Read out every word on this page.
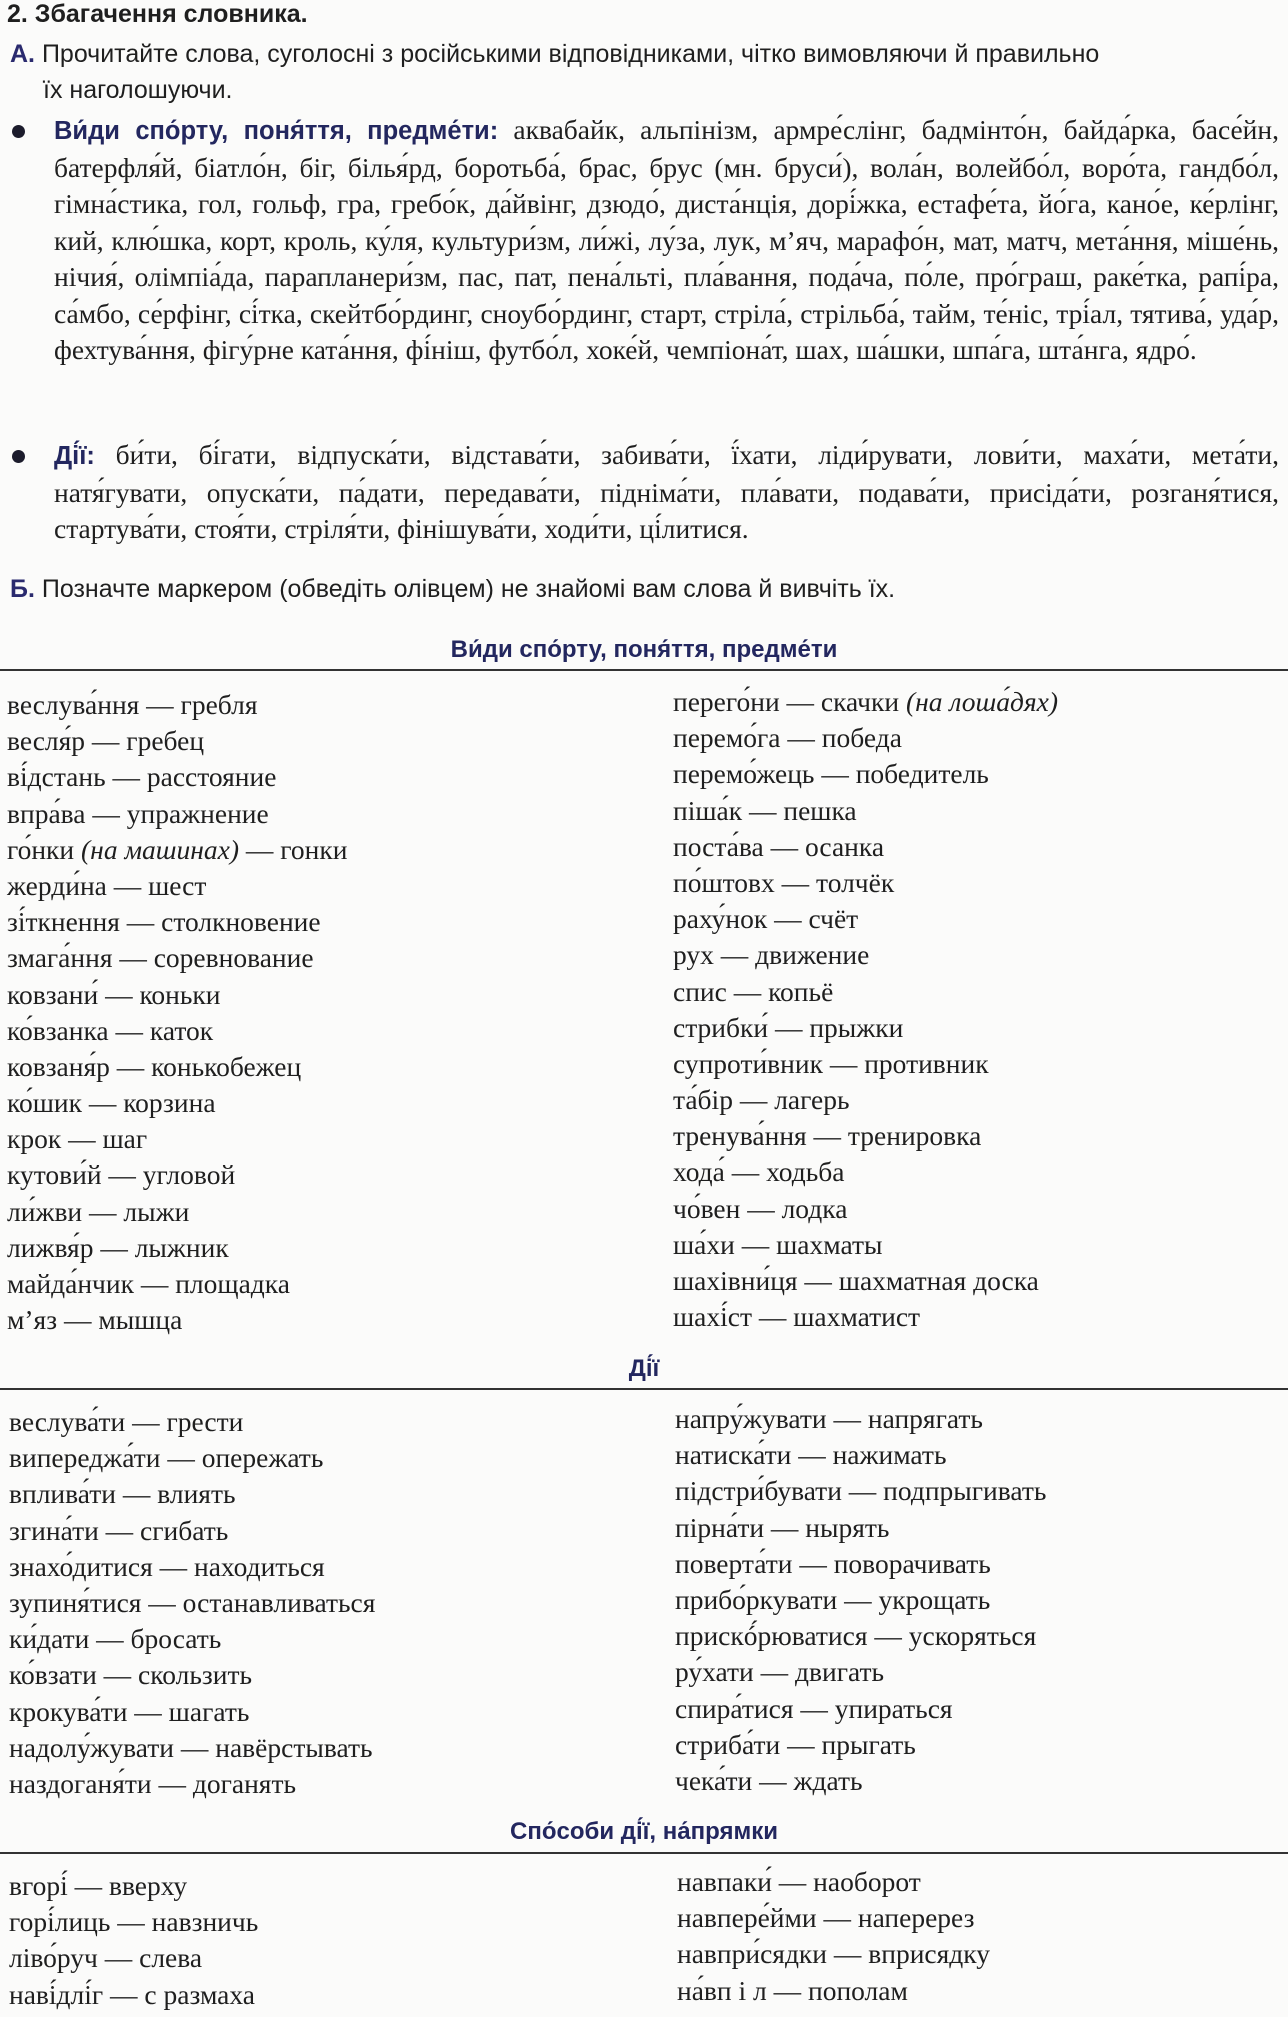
2. Збагачення словника.
А. Прочитайте слова, суголосні з російськими відповідниками, чітко вимовляючи й правильно
їх наголошуючи.
Ви́ди спо́рту, поня́ття, предме́ти: аквабайк, альпінізм, армре́слінг, бадмінто́н, байда́рка, басе́йн, батерфля́й, біатло́н, біг, білья́рд, боротьба́, брас, брус (мн. бруси́), вола́н, волейбо́л, воро́та, гандбо́л, гімна́стика, гол, гольф, гра, гребо́к, да́йвінг, дзюдо́, диста́нція, дорі́жка, естафе́та, йо́га, кано́е, ке́рлінг, кий, клю́шка, корт, кроль, ку́ля, культури́зм, ли́жі, лу́за, лук, м’яч, марафо́н, мат, матч, мета́ння, міше́нь, нічия́, олімпіа́да, парапланери́зм, пас, пат, пена́льті, пла́вання, пода́ча, по́ле, про́граш, раке́тка, рапі́ра, са́мбо, се́рфінг, сі́тка, скейтбо́рдинг, сноубо́рдинг, старт, стріла́, стрільба́, тайм, те́ніс, трі́ал, тятива́, уда́р, фехтува́ння, фігу́рне ката́ння, фі́ніш, футбо́л, хоке́й, чемпіона́т, шах, ша́шки, шпа́га, шта́нга, ядро́.
Ді́ї: би́ти, бі́гати, відпуска́ти, відстава́ти, забива́ти, ї́хати, ліди́рувати, лови́ти, маха́ти, мета́ти, натя́гувати, опуска́ти, па́дати, передава́ти, підніма́ти, пла́вати, подава́ти, присіда́ти, розганя́тися, стартува́ти, стоя́ти, стріля́ти, фінішува́ти, ходи́ти, ці́литися.
Б. Позначте маркером (обведіть олівцем) не знайомі вам слова й вивчіть їх.
Ви́ди спо́рту, поня́ття, предме́ти
веслува́ння — гребля
весля́р — гребец
ві́дстань — расстояние
впра́ва — упражнение
го́нки (на машинах) — гонки
жерди́на — шест
зі́ткнення — столкновение
змага́ння — соревнование
ковзани́ — коньки
ко́взанка — каток
ковзаня́р — конькобежец
ко́шик — корзина
крок — шаг
кутови́й — угловой
ли́жви — лыжи
лижвя́р — лыжник
майда́нчик — площадка
м’яз — мышца
перего́ни — скачки (на лоша́дях)
перемо́га — победа
перемо́жець — победитель
піша́к — пешка
поста́ва — осанка
по́штовх — толчёк
раху́нок — счёт
рух — движение
спис — копьё
стрибки́ — прыжки
супроти́вник — противник
та́бір — лагерь
тренува́ння — тренировка
хода́ — ходьба
чо́вен — лодка
ша́хи — шахматы
шахівни́ця — шахматная доска
шахі́ст — шахматист
Ді́ї
веслува́ти — грести
випереджа́ти — опережать
вплива́ти — влиять
згина́ти — сгибать
знахо́дитися — находиться
зупиня́тися — останавливаться
ки́дати — бросать
ко́взати — скользить
крокува́ти — шагать
надолу́жувати — навёрстывать
наздоганя́ти — доганять
напру́жувати — напрягать
натиска́ти — нажимать
підстри́бувати — подпрыгивать
пірна́ти — нырять
поверта́ти — поворачивать
прибо́ркувати — укрощать
прискó́рюватися — ускоряться
ру́хати — двигать
спира́тися — упираться
стриба́ти — прыгать
чека́ти — ждать
Спо́соби ді́ї, на́прямки
вгорі́ — вверху
горі́лиць — навзничь
ліво́руч — слева
наві́длі́г — с размаха
навпаки́ — наоборот
навпере́йми — наперерез
навпри́сядки — вприсядку
на́вп і л — пополам
